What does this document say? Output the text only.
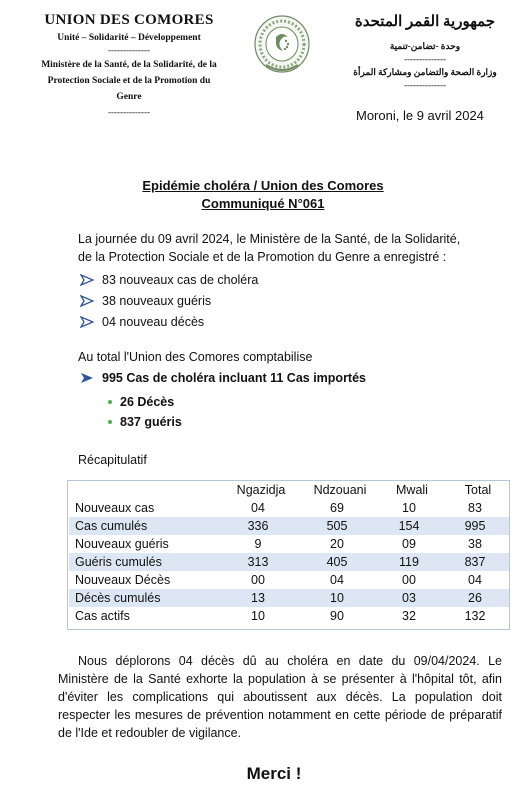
UNION DES COMORES
Unité – Solidarité – Développement
--------------
Ministère de la Santé, de la Solidarité, de la
Protection Sociale et de la Promotion du
Genre
--------------
جمهورية القمر المتحدة
وحدة -تضامن-تنمية
--------------
وزارة الصحة والتضامن ومشاركة المرأة
--------------
Moroni, le 9 avril 2024
Epidémie choléra / Union des Comores
Communiqué N°061
La journée du 09 avril 2024, le Ministère de la Santé, de la Solidarité,
de la Protection Sociale et de la Promotion du Genre a enregistré :
83 nouveaux cas de choléra
38 nouveaux guéris
04 nouveau décès
Au total l'Union des Comores comptabilise
995 Cas de choléra incluant 11 Cas importés
26 Décès
837 guéris
Récapitulatif
	Ngazidja	Ndzouani	Mwali	Total
Nouveaux cas	04	69	10	83
Cas cumulés	336	505	154	995
Nouveaux guéris	9	20	09	38
Guéris cumulés	313	405	119	837
Nouveaux Décès	00	04	00	04
Décès cumulés	13	10	03	26
Cas actifs	10	90	32	132
Nous déplorons 04 décès dû au choléra en date du 09/04/2024. Le Ministère de la Santé exhorte la population à se présenter à l'hôpital tôt, afin d'éviter les complications qui aboutissent aux décès. La population doit respecter les mesures de prévention notamment en cette période de préparatif de l'Ide et redoubler de vigilance.
Merci !
